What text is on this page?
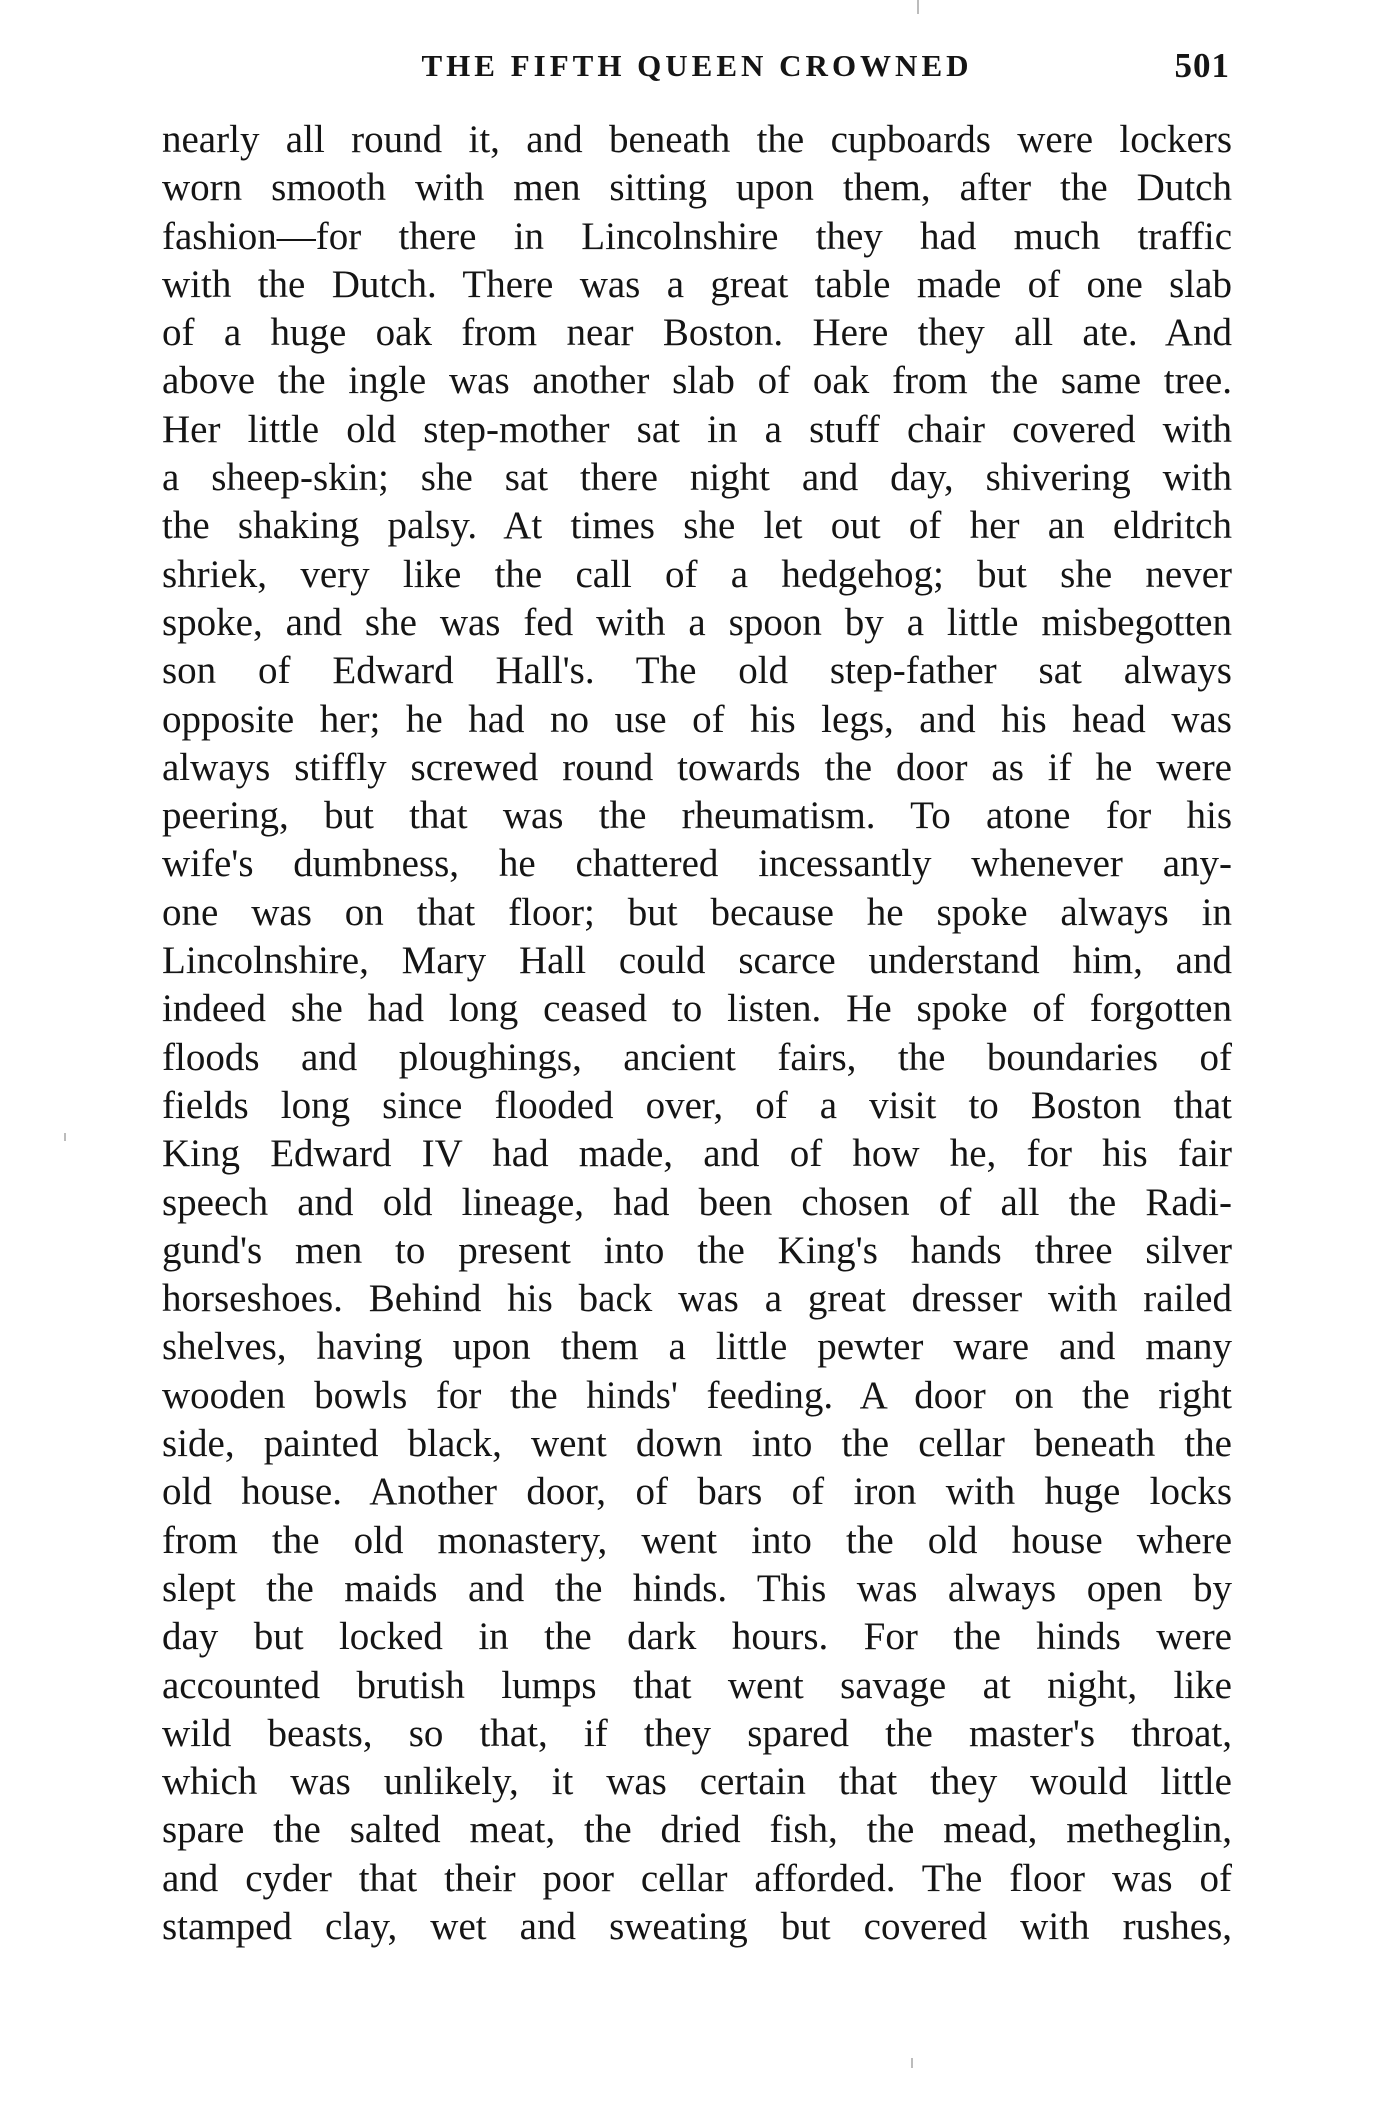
THE FIFTH QUEEN CROWNED	501
nearly all round it, and beneath the cupboards were lockers
worn smooth with men sitting upon them, after the Dutch
fashion—for there in Lincolnshire they had much traffic
with the Dutch. There was a great table made of one slab
of a huge oak from near Boston. Here they all ate. And
above the ingle was another slab of oak from the same tree.
Her little old step-mother sat in a stuff chair covered with
a sheep-skin; she sat there night and day, shivering with
the shaking palsy. At times she let out of her an eldritch
shriek, very like the call of a hedgehog; but she never
spoke, and she was fed with a spoon by a little misbegotten
son of Edward Hall's. The old step-father sat always
opposite her; he had no use of his legs, and his head was
always stiffly screwed round towards the door as if he were
peering, but that was the rheumatism. To atone for his
wife's dumbness, he chattered incessantly whenever any-
one was on that floor; but because he spoke always in
Lincolnshire, Mary Hall could scarce understand him, and
indeed she had long ceased to listen. He spoke of forgotten
floods and ploughings, ancient fairs, the boundaries of
fields long since flooded over, of a visit to Boston that
King Edward IV had made, and of how he, for his fair
speech and old lineage, had been chosen of all the Radi-
gund's men to present into the King's hands three silver
horseshoes. Behind his back was a great dresser with railed
shelves, having upon them a little pewter ware and many
wooden bowls for the hinds' feeding. A door on the right
side, painted black, went down into the cellar beneath the
old house. Another door, of bars of iron with huge locks
from the old monastery, went into the old house where
slept the maids and the hinds. This was always open by
day but locked in the dark hours. For the hinds were
accounted brutish lumps that went savage at night, like
wild beasts, so that, if they spared the master's throat,
which was unlikely, it was certain that they would little
spare the salted meat, the dried fish, the mead, metheglin,
and cyder that their poor cellar afforded. The floor was of
stamped clay, wet and sweating but covered with rushes,
